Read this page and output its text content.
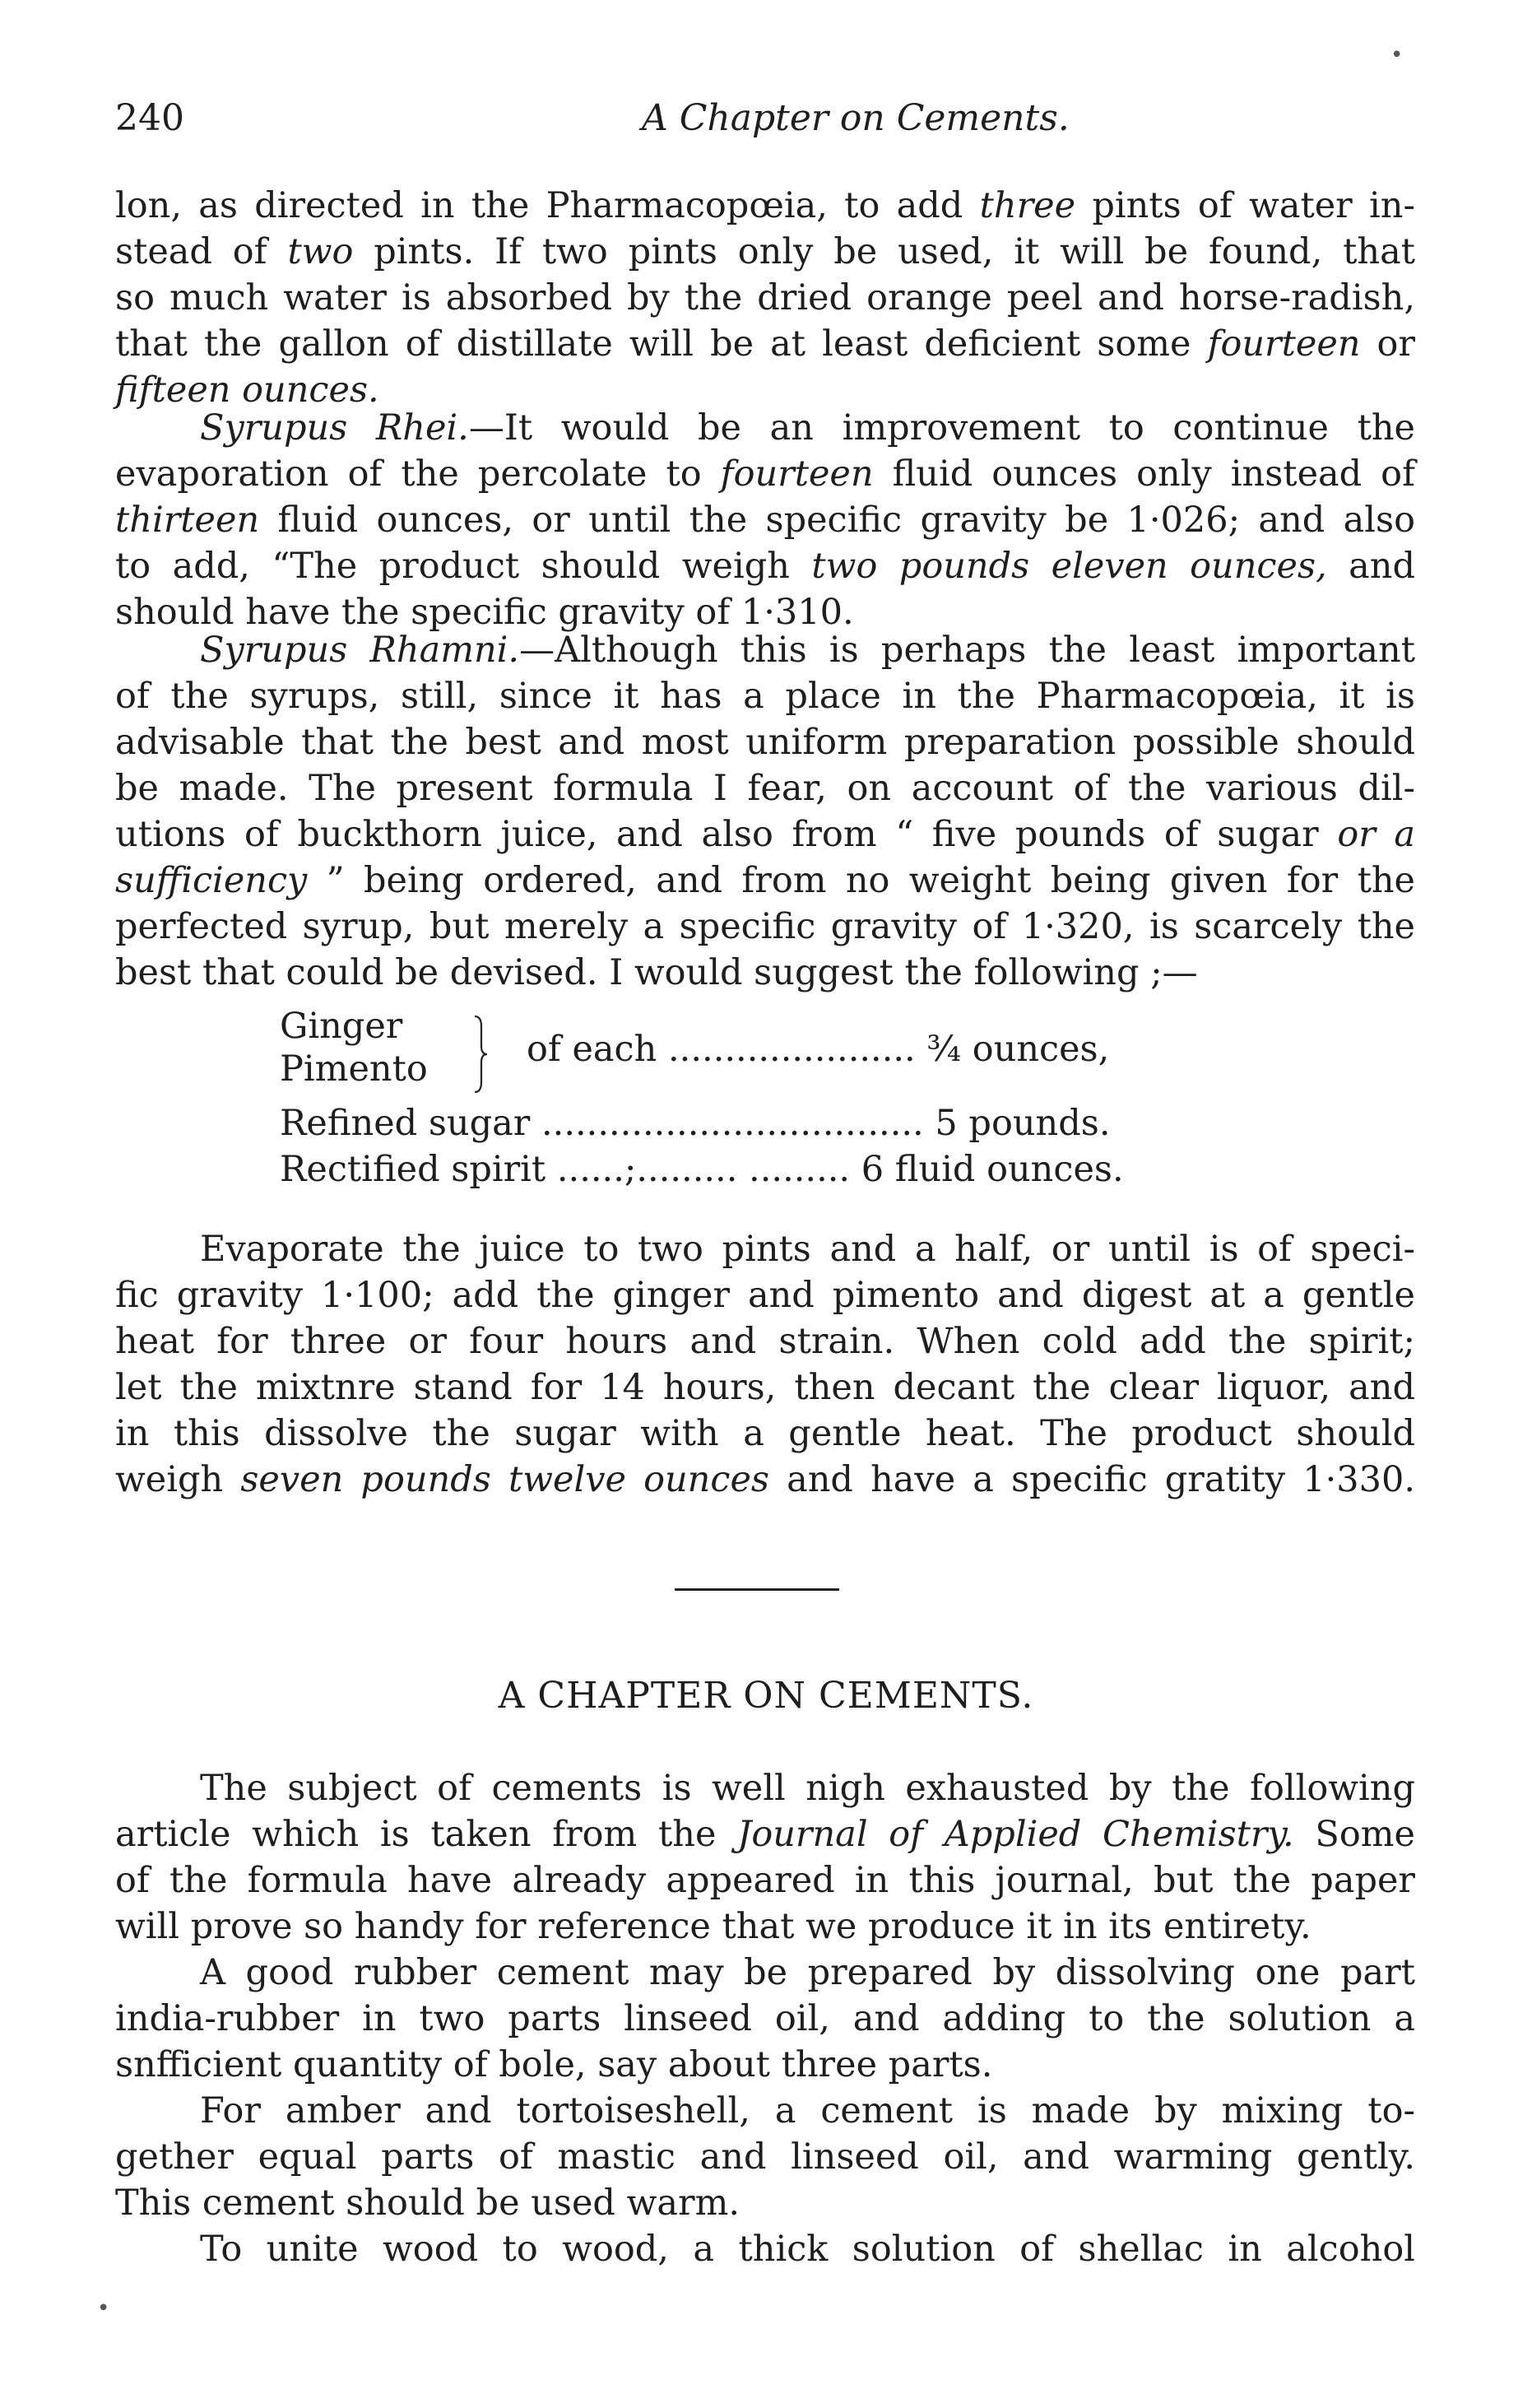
240	A Chapter on Cements.
lon, as directed in the Pharmacopœia, to add three pints of water in-
stead of two pints. If two pints only be used, it will be found, that
so much water is absorbed by the dried orange peel and horse-radish,
that the gallon of distillate will be at least deficient some fourteen or
fifteen ounces.
Syrupus Rhei.—It would be an improvement to continue the
evaporation of the percolate to fourteen fluid ounces only instead of
thirteen fluid ounces, or until the specific gravity be 1·026; and also
to add, “The product should weigh two pounds eleven ounces, and
should have the specific gravity of 1·310.
Syrupus Rhamni.—Although this is perhaps the least important
of the syrups, still, since it has a place in the Pharmacopœia, it is
advisable that the best and most uniform preparation possible should
be made. The present formula I fear, on account of the various dil-
utions of buckthorn juice, and also from “ five pounds of sugar or a
sufficiency ” being ordered, and from no weight being given for the
perfected syrup, but merely a specific gravity of 1·320, is scarcely the
best that could be devised. I would suggest the following ;—
Ginger
Pimento	of each ...................... ¾ ounces,
Refined sugar .................................. 5 pounds.
Rectified spirit ......;......... ......... 6 fluid ounces.
Evaporate the juice to two pints and a half, or until is of speci-
fic gravity 1·100; add the ginger and pimento and digest at a gentle
heat for three or four hours and strain. When cold add the spirit;
let the mixtnre stand for 14 hours, then decant the clear liquor, and
in this dissolve the sugar with a gentle heat. The product should
weigh seven pounds twelve ounces and have a specific gratity 1·330.
A CHAPTER ON CEMENTS.
The subject of cements is well nigh exhausted by the following
article which is taken from the Journal of Applied Chemistry. Some
of the formula have already appeared in this journal, but the paper
will prove so handy for reference that we produce it in its entirety.
A good rubber cement may be prepared by dissolving one part
india-rubber in two parts linseed oil, and adding to the solution a
snfficient quantity of bole, say about three parts.
For amber and tortoiseshell, a cement is made by mixing to-
gether equal parts of mastic and linseed oil, and warming gently.
This cement should be used warm.
To unite wood to wood, a thick solution of shellac in alcohol
•
•
